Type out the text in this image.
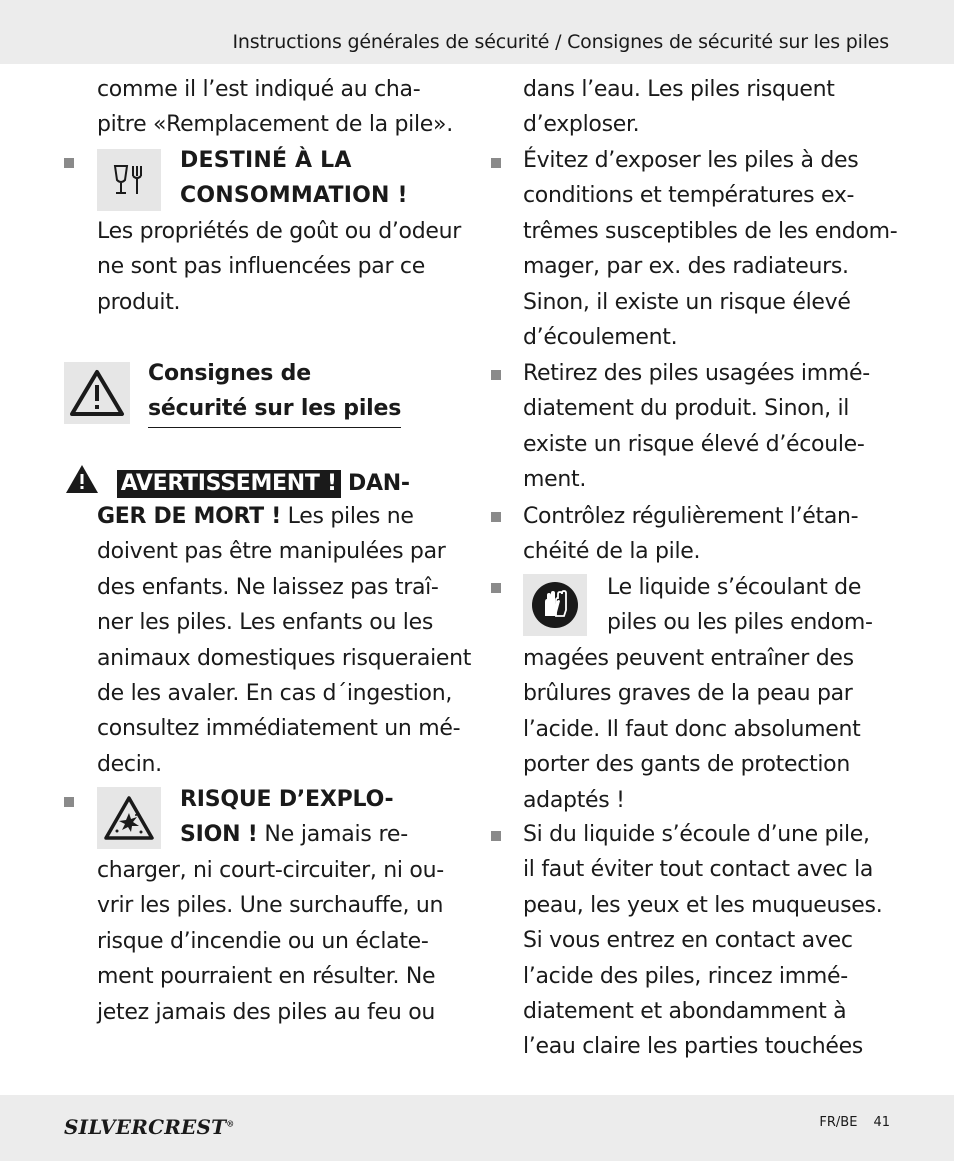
Instructions générales de sécurité / Consignes de sécurité sur les piles
comme il l’est indiqué au cha-
pitre «Remplacement de la pile».
DESTINÉ À LA
CONSOMMATION !
Les propriétés de goût ou d’odeur
ne sont pas influencées par ce
produit.
Consignes de
sécurité sur les piles
AVERTISSEMENT ! DAN-
GER DE MORT ! Les piles ne
doivent pas être manipulées par
des enfants. Ne laissez pas traî-
ner les piles. Les enfants ou les
animaux domestiques risqueraient
de les avaler. En cas d´ingestion,
consultez immédiatement un mé-
decin.
RISQUE D’EXPLO-
SION ! Ne jamais re-
charger, ni court-circuiter, ni ou-
vrir les piles. Une surchauffe, un
risque d’incendie ou un éclate-
ment pourraient en résulter. Ne
jetez jamais des piles au feu ou
dans l’eau. Les piles risquent
d’exploser.
Évitez d’exposer les piles à des
conditions et températures ex-
trêmes susceptibles de les endom-
mager, par ex. des radiateurs.
Sinon, il existe un risque élevé
d’écoulement.
Retirez des piles usagées immé-
diatement du produit. Sinon, il
existe un risque élevé d’écoule-
ment.
Contrôlez régulièrement l’étan-
chéité de la pile.
Le liquide s’écoulant de
piles ou les piles endom-
magées peuvent entraîner des
brûlures graves de la peau par
l’acide. Il faut donc absolument
porter des gants de protection
adaptés !
Si du liquide s’écoule d’une pile,
il faut éviter tout contact avec la
peau, les yeux et les muqueuses.
Si vous entrez en contact avec
l’acide des piles, rincez immé-
diatement et abondamment à
l’eau claire les parties touchées
SILVERCREST®	FR/BE 41
